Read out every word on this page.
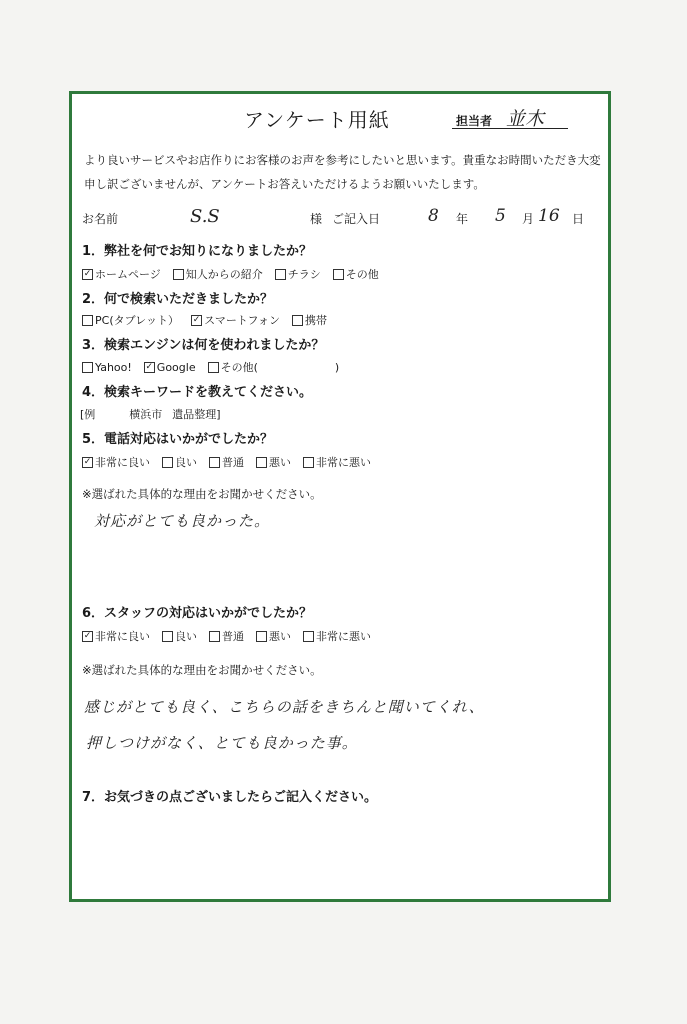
アンケート用紙	担当者 並木
より良いサービスやお店作りにお客様のお声を参考にしたいと思います。貴重なお時間いただき大変
申し訳ございませんが、アンケートお答えいただけるようお願いいたします。
お名前	S.S	様 ご記入日	8 年 5 月 16 日
1．弊社を何でお知りになりましたか？
✓ ホームページ 知人からの紹介 チラシ その他
2．何で検索いただきましたか？
PC(タブレット） ✓ スマートフォン 携帯
3．検索エンジンは何を使われましたか？
Yahoo! ✓ Google その他(　　　　　　　)
4．検索キーワードを教えてください。
[例	横浜市 遺品整理]
5．電話対応はいかがでしたか？
✓ 非常に良い 良い 普通 悪い 非常に悪い
※選ばれた具体的な理由をお聞かせください。
対応がとても良かった。
6．スタッフの対応はいかがでしたか？
✓ 非常に良い 良い 普通 悪い 非常に悪い
※選ばれた具体的な理由をお聞かせください。
感じがとても良く、こちらの話をきちんと聞いてくれ、
押しつけがなく、とても良かった事。
7．お気づきの点ございましたらご記入ください。
